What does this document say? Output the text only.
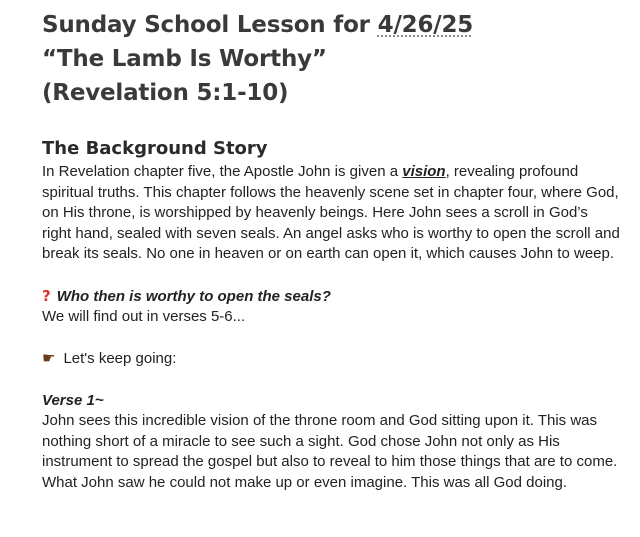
Sunday School Lesson for 4/26/25

“The Lamb Is Worthy”

(Revelation 5:1-10)

The Background Story

In Revelation chapter five, the Apostle John is given a vision, revealing profound spiritual truths. This chapter follows the heavenly scene set in chapter four, where God, on His throne, is worshipped by heavenly beings. Here John sees a scroll in God’s right hand, sealed with seven seals. An angel asks who is worthy to open the scroll and break its seals. No one in heaven or on earth can open it, which causes John to weep.

? Who then is worthy to open the seals?

We will find out in verses 5-6...

☛ Let's keep going:

Verse 1~

John sees this incredible vision of the throne room and God sitting upon it. This was nothing short of a miracle to see such a sight. God chose John not only as His instrument to spread the gospel but also to reveal to him those things that are to come. What John saw he could not make up or even imagine. This was all God doing.
